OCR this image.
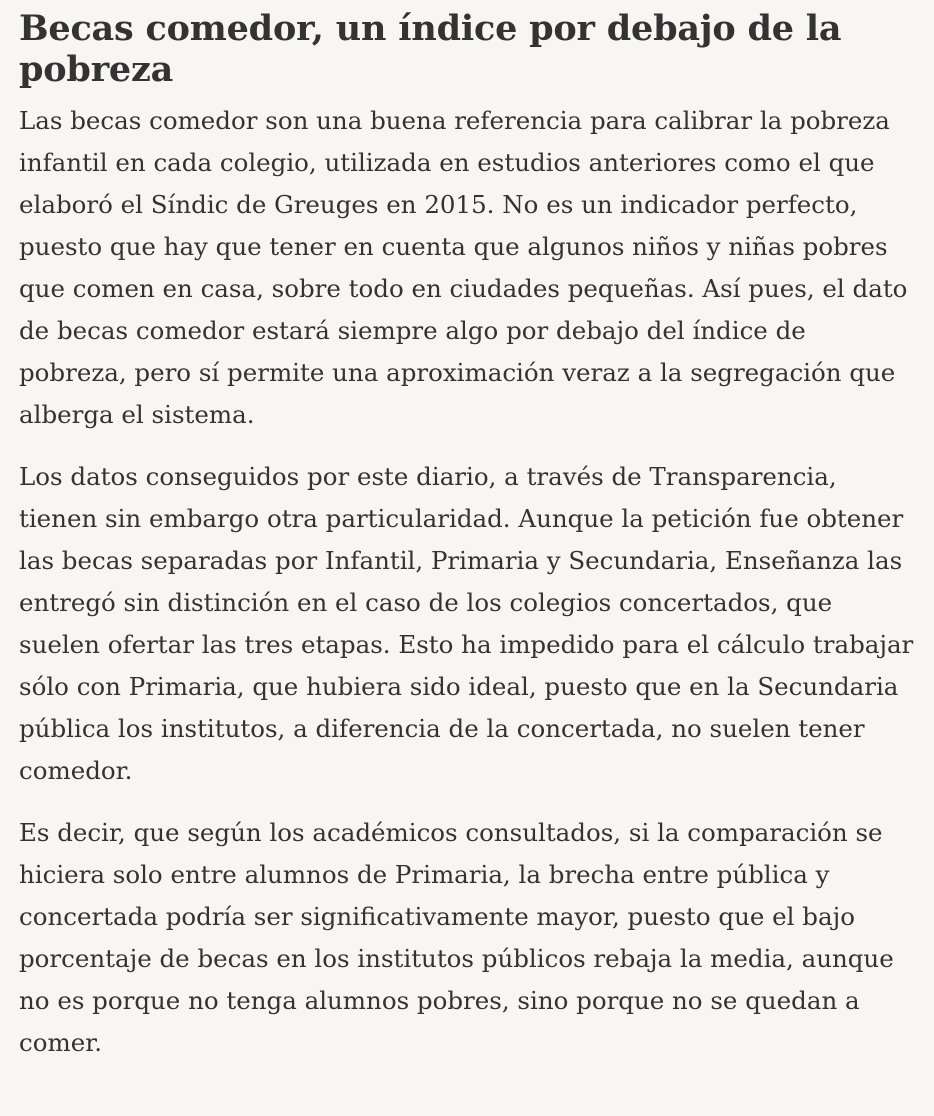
Becas comedor, un índice por debajo de la pobreza

Las becas comedor son una buena referencia para calibrar la pobreza infantil en cada colegio, utilizada en estudios anteriores como el que elaboró el Síndic de Greuges en 2015. No es un indicador perfecto, puesto que hay que tener en cuenta que algunos niños y niñas pobres que comen en casa, sobre todo en ciudades pequeñas. Así pues, el dato de becas comedor estará siempre algo por debajo del índice de pobreza, pero sí permite una aproximación veraz a la segregación que alberga el sistema.

Los datos conseguidos por este diario, a través de Transparencia, tienen sin embargo otra particularidad. Aunque la petición fue obtener las becas separadas por Infantil, Primaria y Secundaria, Enseñanza las entregó sin distinción en el caso de los colegios concertados, que suelen ofertar las tres etapas. Esto ha impedido para el cálculo trabajar sólo con Primaria, que hubiera sido ideal, puesto que en la Secundaria pública los institutos, a diferencia de la concertada, no suelen tener comedor.

Es decir, que según los académicos consultados, si la comparación se hiciera solo entre alumnos de Primaria, la brecha entre pública y concertada podría ser significativamente mayor, puesto que el bajo porcentaje de becas en los institutos públicos rebaja la media, aunque no es porque no tenga alumnos pobres, sino porque no se quedan a comer.
